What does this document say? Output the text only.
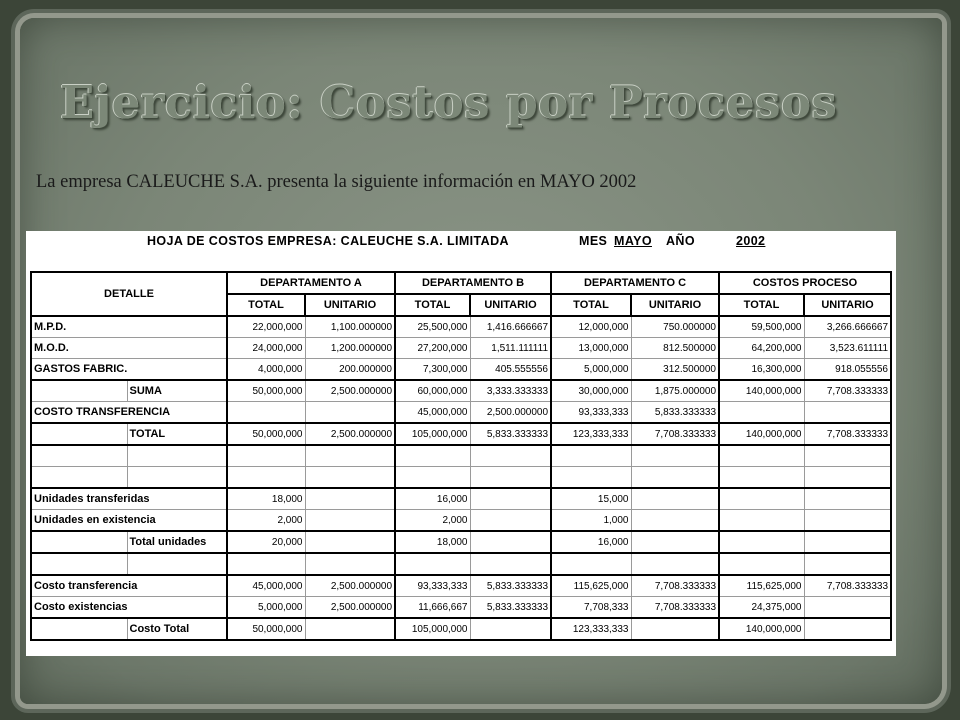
Ejercicio: Costos por Procesos

La empresa CALEUCHE S.A. presenta la siguiente información en MAYO 2002

HOJA DE COSTOS EMPRESA: CALEUCHE S.A. LIMITADA	MES MAYO AÑO	2002
DETALLE		DEPARTAMENTO A		DEPARTAMENTO B		DEPARTAMENTO C		COSTOS PROCESO	
		TOTAL	UNITARIO	TOTAL	UNITARIO	TOTAL	UNITARIO	TOTAL	UNITARIO
M.P.D.		22,000,000	1,100.000000	25,500,000	1,416.666667	12,000,000	750.000000	59,500,000	3,266.666667
M.O.D.		24,000,000	1,200.000000	27,200,000	1,511.111111	13,000,000	812.500000	64,200,000	3,523.611111
GASTOS FABRIC.		4,000,000	200.000000	7,300,000	405.555556	5,000,000	312.500000	16,300,000	918.055556
	SUMA	50,000,000	2,500.000000	60,000,000	3,333.333333	30,000,000	1,875.000000	140,000,000	7,708.333333
COSTO TRANSFERENCIA				45,000,000	2,500.000000	93,333,333	5,833.333333		
	TOTAL	50,000,000	2,500.000000	105,000,000	5,833.333333	123,333,333	7,708.333333	140,000,000	7,708.333333

Unidades transferidas		18,000		16,000		15,000			
Unidades en existencia		2,000		2,000		1,000			
	Total unidades	20,000		18,000		16,000			

Costo transferencia		45,000,000	2,500.000000	93,333,333	5,833.333333	115,625,000	7,708.333333	115,625,000	7,708.333333
Costo existencias		5,000,000	2,500.000000	11,666,667	5,833.333333	7,708,333	7,708.333333	24,375,000	
	Costo Total	50,000,000		105,000,000		123,333,333		140,000,000	
